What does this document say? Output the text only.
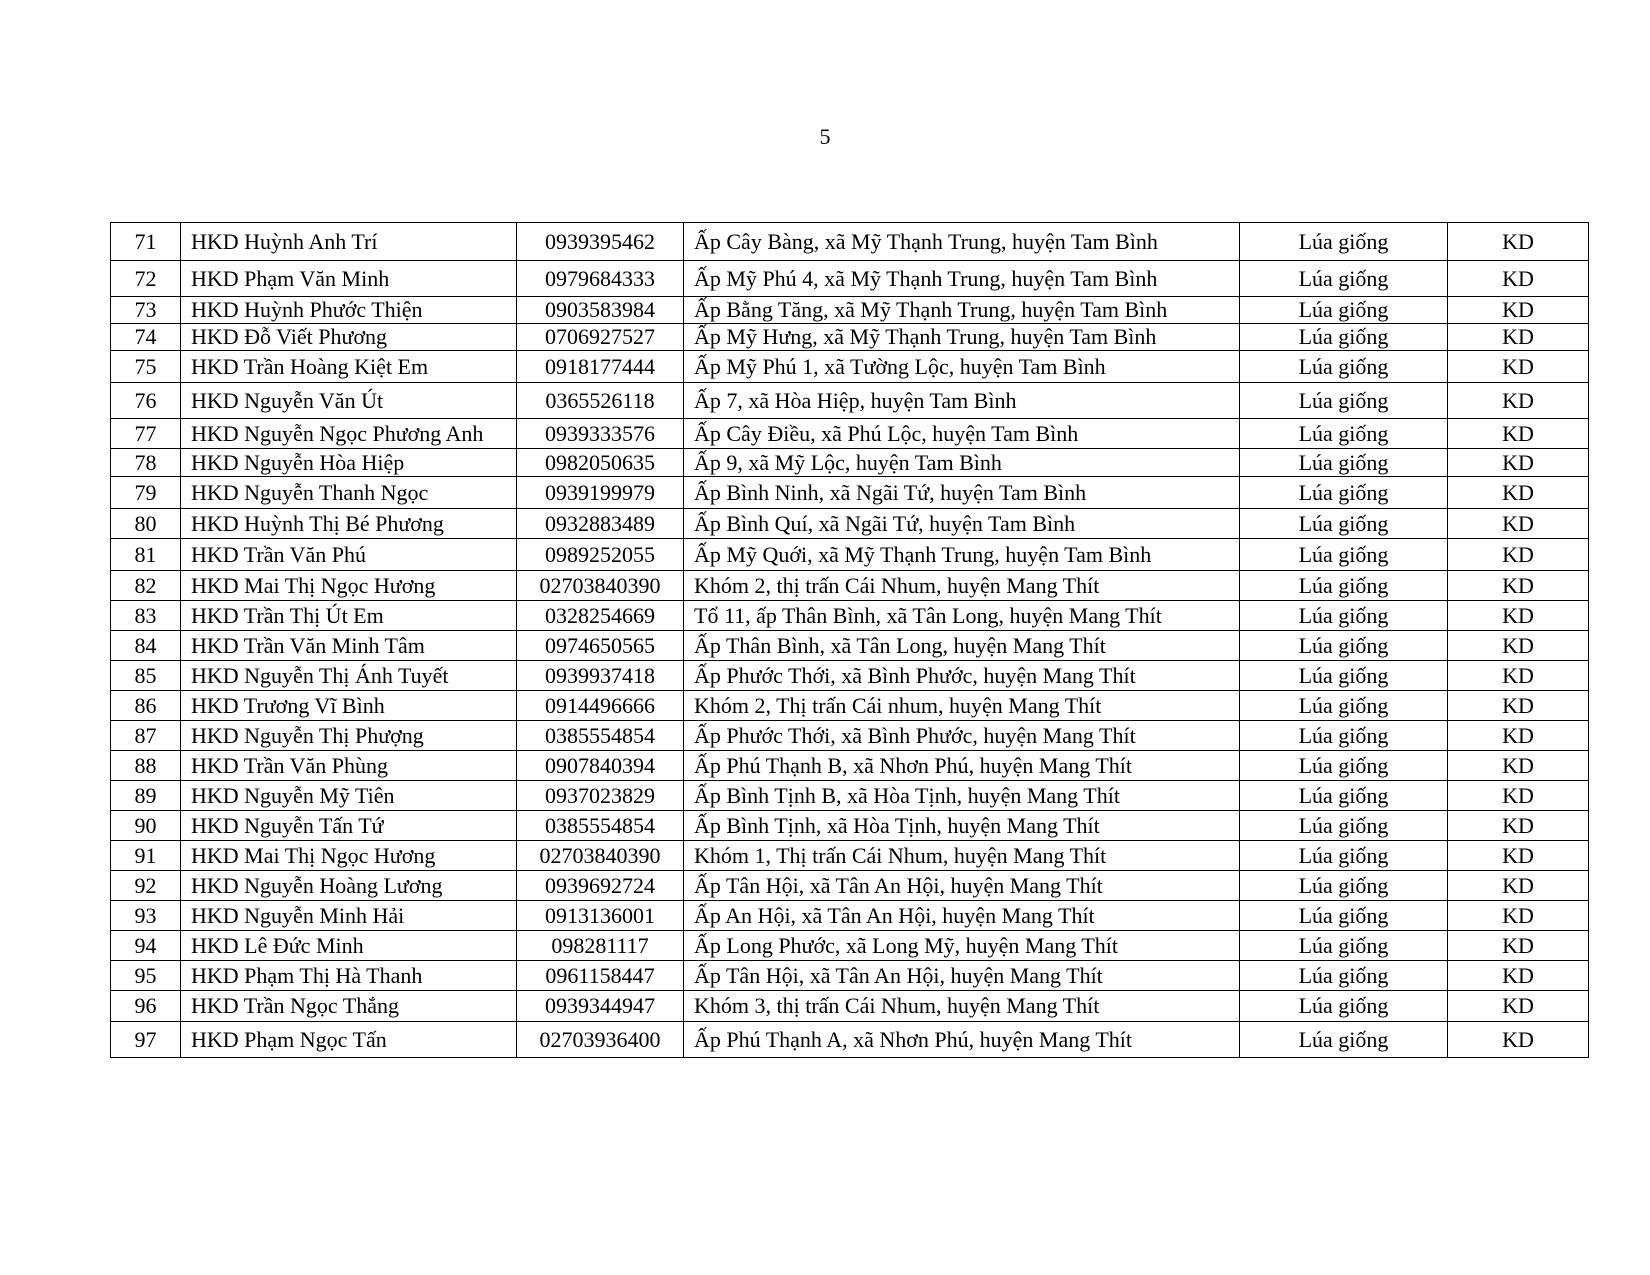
5
71	HKD Huỳnh Anh Trí	0939395462	Ấp Cây Bàng, xã Mỹ Thạnh Trung, huyện Tam Bình	Lúa giống	KD
72	HKD Phạm Văn Minh	0979684333	Ấp Mỹ Phú 4, xã Mỹ Thạnh Trung, huyện Tam Bình	Lúa giống	KD
73	HKD Huỳnh Phước Thiện	0903583984	Ấp Bằng Tăng, xã Mỹ Thạnh Trung, huyện Tam Bình	Lúa giống	KD
74	HKD Đỗ Viết Phương	0706927527	Ấp Mỹ Hưng, xã Mỹ Thạnh Trung, huyện Tam Bình	Lúa giống	KD
75	HKD Trần Hoàng Kiệt Em	0918177444	Ấp Mỹ Phú 1, xã Tường Lộc, huyện Tam Bình	Lúa giống	KD
76	HKD Nguyễn Văn Út	0365526118	Ấp 7, xã Hòa Hiệp, huyện Tam Bình	Lúa giống	KD
77	HKD Nguyễn Ngọc Phương Anh	0939333576	Ấp Cây Điều, xã Phú Lộc, huyện Tam Bình	Lúa giống	KD
78	HKD Nguyễn Hòa Hiệp	0982050635	Ấp 9, xã Mỹ Lộc, huyện Tam Bình	Lúa giống	KD
79	HKD Nguyễn Thanh Ngọc	0939199979	Ấp Bình Ninh, xã Ngãi Tứ, huyện Tam Bình	Lúa giống	KD
80	HKD Huỳnh Thị Bé Phương	0932883489	Ấp Bình Quí, xã Ngãi Tứ, huyện Tam Bình	Lúa giống	KD
81	HKD Trần Văn Phú	0989252055	Ấp Mỹ Quới, xã Mỹ Thạnh Trung, huyện Tam Bình	Lúa giống	KD
82	HKD Mai Thị Ngọc Hương	02703840390	Khóm 2, thị trấn Cái Nhum, huyện Mang Thít	Lúa giống	KD
83	HKD Trần Thị Út Em	0328254669	Tổ 11, ấp Thân Bình, xã Tân Long, huyện Mang Thít	Lúa giống	KD
84	HKD Trần Văn Minh Tâm	0974650565	Ấp Thân Bình, xã Tân Long, huyện Mang Thít	Lúa giống	KD
85	HKD Nguyễn Thị Ánh Tuyết	0939937418	Ấp Phước Thới, xã Bình Phước, huyện Mang Thít	Lúa giống	KD
86	HKD Trương Vĩ Bình	0914496666	Khóm 2, Thị trấn Cái nhum, huyện Mang Thít	Lúa giống	KD
87	HKD Nguyễn Thị Phượng	0385554854	Ấp Phước Thới, xã Bình Phước, huyện Mang Thít	Lúa giống	KD
88	HKD Trần Văn Phùng	0907840394	Ấp Phú Thạnh B, xã Nhơn Phú, huyện Mang Thít	Lúa giống	KD
89	HKD Nguyễn Mỹ Tiên	0937023829	Ấp Bình Tịnh B, xã Hòa Tịnh, huyện Mang Thít	Lúa giống	KD
90	HKD Nguyễn Tấn Tứ	0385554854	Ấp Bình Tịnh, xã Hòa Tịnh, huyện Mang Thít	Lúa giống	KD
91	HKD Mai Thị Ngọc Hương	02703840390	Khóm 1, Thị trấn Cái Nhum, huyện Mang Thít	Lúa giống	KD
92	HKD Nguyễn Hoàng Lương	0939692724	Ấp Tân Hội, xã Tân An Hội, huyện Mang Thít	Lúa giống	KD
93	HKD Nguyễn Minh Hải	0913136001	Ấp An Hội, xã Tân An Hội, huyện Mang Thít	Lúa giống	KD
94	HKD Lê Đức Minh	098281117	Ấp Long Phước, xã Long Mỹ, huyện Mang Thít	Lúa giống	KD
95	HKD Phạm Thị Hà Thanh	0961158447	Ấp Tân Hội, xã Tân An Hội, huyện Mang Thít	Lúa giống	KD
96	HKD Trần Ngọc Thắng	0939344947	Khóm 3, thị trấn Cái Nhum, huyện Mang Thít	Lúa giống	KD
97	HKD Phạm Ngọc Tấn	02703936400	Ấp Phú Thạnh A, xã Nhơn Phú, huyện Mang Thít	Lúa giống	KD
